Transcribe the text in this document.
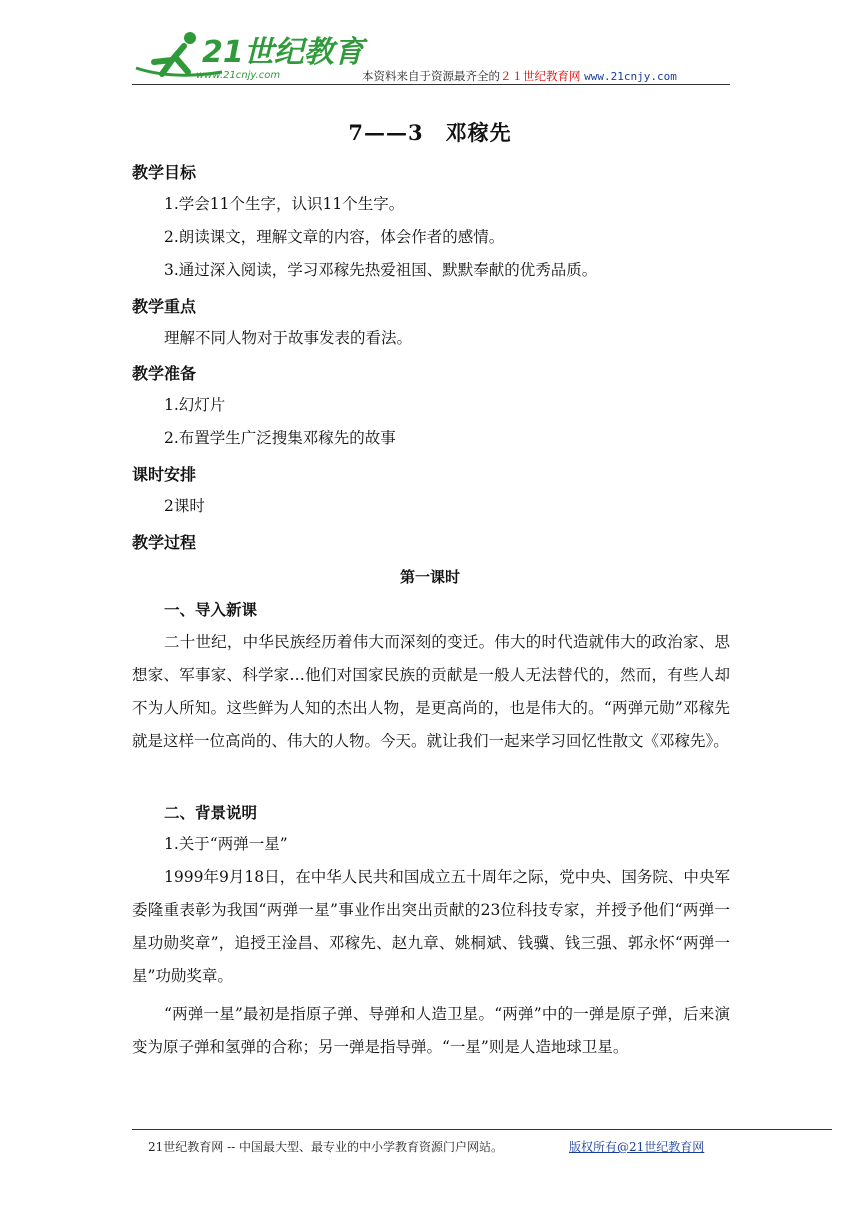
21世纪教育
www.21cnjy.com	本资料来自于资源最齐全的２１世纪教育网 www.21cnjy.com
7——3　邓稼先
教学目标
1.学会11个生字，认识11个生字。
2.朗读课文，理解文章的内容，体会作者的感情。
3.通过深入阅读，学习邓稼先热爱祖国、默默奉献的优秀品质。
教学重点
理解不同人物对于故事发表的看法。
教学准备
1.幻灯片
2.布置学生广泛搜集邓稼先的故事
课时安排
2课时
教学过程
第一课时
一、导入新课
二十世纪，中华民族经历着伟大而深刻的变迁。伟大的时代造就伟大的政治家、思想家、军事家、科学家…他们对国家民族的贡献是一般人无法替代的，然而，有些人却不为人所知。这些鲜为人知的杰出人物，是更高尚的，也是伟大的。“两弹元勋”邓稼先就是这样一位高尚的、伟大的人物。今天。就让我们一起来学习回忆性散文《邓稼先》。
二、背景说明
1.关于“两弹一星”
1999年9月18日，在中华人民共和国成立五十周年之际，党中央、国务院、中央军委隆重表彰为我国“两弹一星”事业作出突出贡献的23位科技专家，并授予他们“两弹一星功勋奖章”，追授王淦昌、邓稼先、赵九章、姚桐斌、钱骥、钱三强、郭永怀“两弹一星”功勋奖章。
“两弹一星”最初是指原子弹、导弹和人造卫星。“两弹”中的一弹是原子弹，后来演变为原子弹和氢弹的合称；另一弹是指导弹。“一星”则是人造地球卫星。
21世纪教育网 -- 中国最大型、最专业的中小学教育资源门户网站。	版权所有@21世纪教育网
